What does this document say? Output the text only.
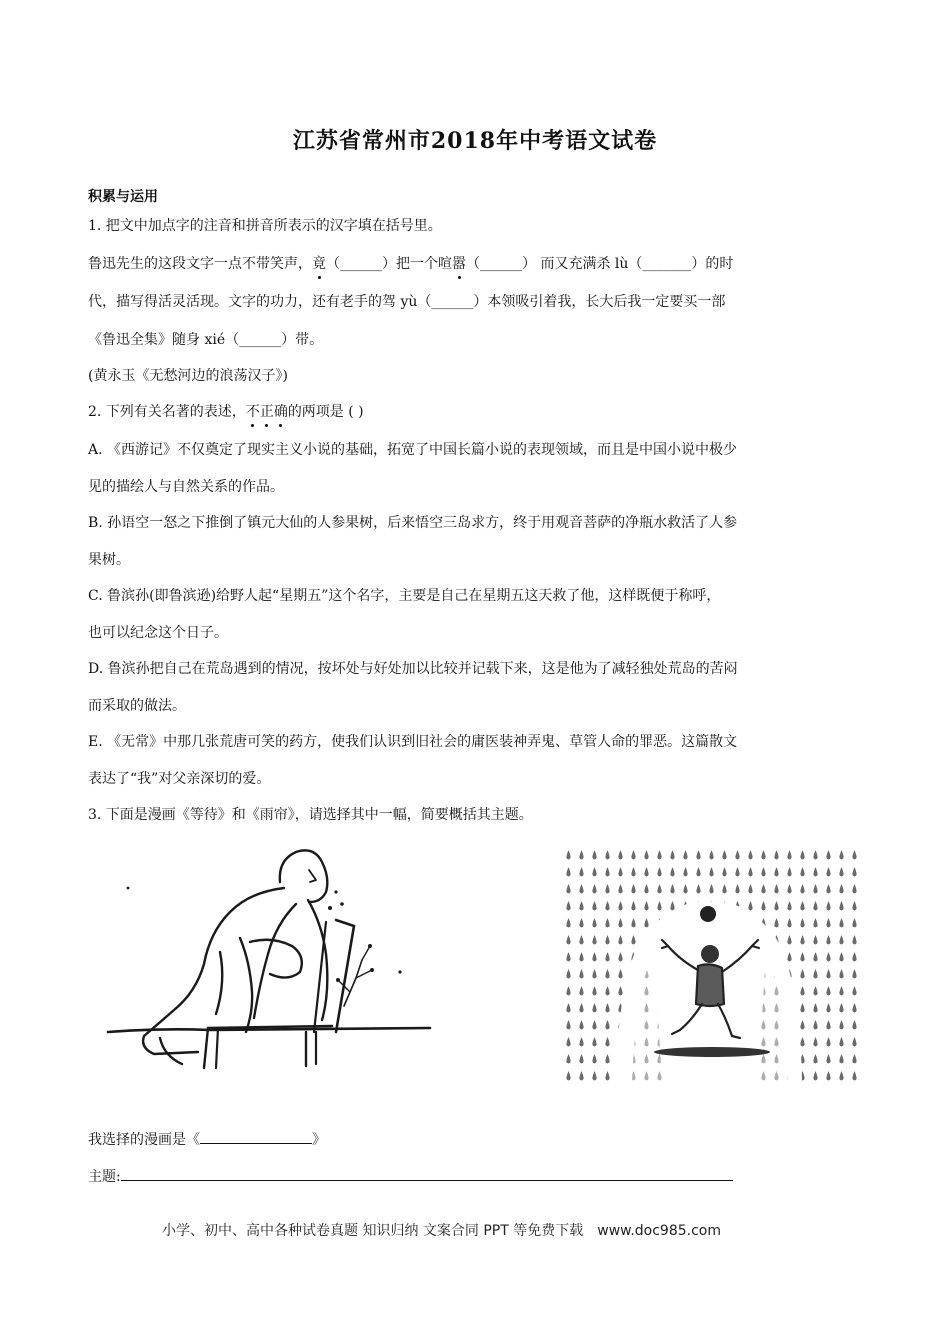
江苏省常州市2018年中考语文试卷
积累与运用
1. 把文中加点字的注音和拼音所表示的汉字填在括号里。
鲁迅先生的这段文字一点不带笑声，竟（______）把一个喧嚣（______） 而又充满杀 lù（_______）的时
代，描写得活灵活现。文字的功力，还有老手的驾 yù（______）本领吸引着我，长大后我一定要买一部
《鲁迅全集》随身 xié（______）带。
(黄永玉《无愁河边的浪荡汉子》)
2. 下列有关名著的表述，不正确的两项是 ( )
A. 《西游记》不仅奠定了现实主义小说的基础，拓宽了中国长篇小说的表现领域，而且是中国小说中极少
见的描绘人与自然关系的作品。
B. 孙语空一怒之下推倒了镇元大仙的人参果树，后来悟空三岛求方，终于用观音菩萨的净瓶水救活了人参
果树。
C. 鲁滨孙(即鲁滨逊)给野人起“星期五”这个名字，主要是自己在星期五这天救了他，这样既便于称呼，
也可以纪念这个日子。
D. 鲁滨孙把自己在荒岛遇到的情况，按坏处与好处加以比较并记载下来，这是他为了减轻独处荒岛的苦闷
而采取的做法。
E. 《无常》中那几张荒唐可笑的药方，使我们认识到旧社会的庸医装神弄鬼、草管人命的罪恶。这篇散文
表达了“我”对父亲深切的爱。
3. 下面是漫画《等待》和《雨帘》，请选择其中一幅，简要概括其主题。
我选择的漫画是《	》
主题:
小学、初中、高中各种试卷真题 知识归纳 文案合同 PPT 等免费下载 www.doc985.com
